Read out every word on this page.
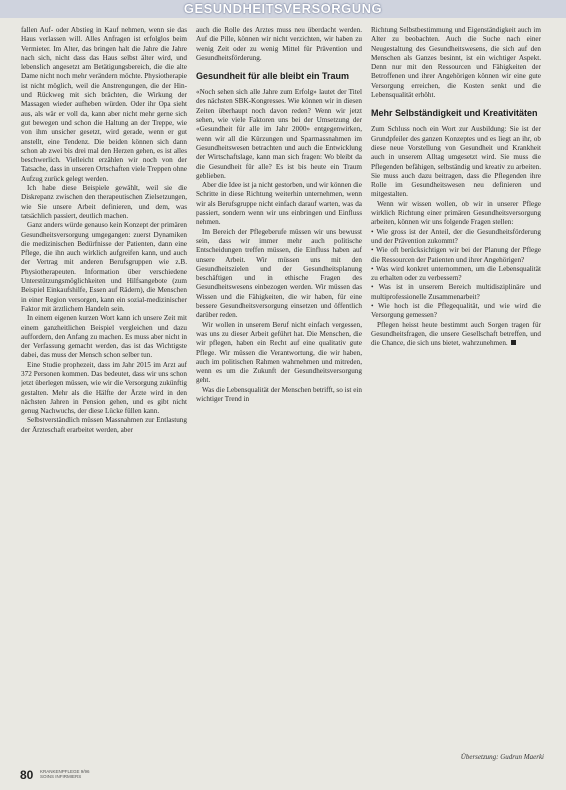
GESUNDHEITSVERSORGUNG

fallen Auf- oder Abstieg in Kauf nehmen, wenn sie das Haus verlassen will. Alles Anfragen ist erfolglos beim Vermieter. Im Alter, das bringen halt die Jahre die Jahre nach sich, nicht dass das Haus selbst älter wird, und lebenslich angesetzt am Betätigungsbereich, die die alte Dame nicht noch mehr verändern möchte. Physiotherapie ist nicht möglich, weil die Anstrengungen, die der Hin- und Rückweg mit sich brächten, die Wirkung der Massagen wieder aufheben würden. Oder ihr Opa sieht aus, als wär er voll da, kann aber nicht mehr gerne sich gut bewegen und schon die Haltung an der Treppe, wie von ihm unsicher gesetzt, wird gerade, wenn er gut anstellt, eine Tendenz. Die beiden können sich dann schon ab zwei bis drei mal den Herzen gehen, es ist alles beschwerlich. Vielleicht erzählen wir noch von der Tatsache, dass in unseren Ortschaften viele Treppen ohne Aufzug zurück gelegt werden.

Ich habe diese Beispiele gewählt, weil sie die Diskrepanz zwischen den therapeutischen Zielsetzungen, wie Sie unsere Arbeit definieren, und dem, was tatsächlich passiert, deutlich machen.

Ganz anders würde genauso kein Konzept der primären Gesundheitsversorgung umgegangen: zuerst Dynamiken die medizinischen Bedürfnisse der Patienten, dann eine Pflege, die ihn auch wirklich aufgreifen kann, und auch der Vertrag mit anderen Berufsgruppen wie z.B. Physiotherapeuten. Information über verschiedene Unterstützungsmöglichkeiten und Hilfsangebote (zum Beispiel Einkaufshilfe, Essen auf Rädern), die Menschen in einer Region versorgen, kann ein sozial-medizinischer Faktor mit ärztlichem Handeln sein.

In einem eigenen kurzen Wort kann ich unsere Zeit mit einem ganzheitlichen Beispiel vergleichen und dazu auffordern, den Anfang zu machen. Es muss aber nicht in der Verfassung gemacht werden, das ist das Wichtigste dabei, das muss der Mensch schon selber tun.

Eine Studie prophezeit, dass im Jahr 2015 im Arzt auf 372 Personen kommen. Das bedeutet, dass wir uns schon jetzt überlegen müssen, wie wir die Versorgung zukünftig gestalten. Mehr als die Hälfte der Ärzte wird in den nächsten Jahren in Pension gehen, und es gibt nicht genug Nachwuchs, der diese Lücke füllen kann.

Selbstverständlich müssen Massnahmen zur Entlastung der Ärzteschaft erarbeitet werden, aber

auch die Rolle des Arztes muss neu überdacht werden. Auf die Pille, können wir nicht verzichten, wir haben zu wenig Zeit oder zu wenig Mittel für Prävention und Gesundheitsförderung.

Gesundheit für alle bleibt ein Traum

«Noch sehen sich alle Jahre zum Erfolg» lautet der Titel des nächsten SBK-Kongresses. Wie können wir in diesen Zeiten überhaupt noch davon reden? Wenn wir jetzt sehen, wie viele Faktoren uns bei der Umsetzung der «Gesundheit für alle im Jahr 2000» entgegenwirken, wenn wir all die Kürzungen und Sparmassnahmen im Gesundheitswesen betrachten und auch die Entwicklung der Wirtschaftslage, kann man sich fragen: Wo bleibt da die Gesundheit für alle? Es ist bis heute ein Traum geblieben.

Aber die Idee ist ja nicht gestorben, und wir können die Schritte in diese Richtung weiterhin unternehmen, wenn wir als Berufsgruppe nicht einfach darauf warten, was da passiert, sondern wenn wir uns einbringen und Einfluss nehmen.

Im Bereich der Pflegeberufe müssen wir uns bewusst sein, dass wir immer mehr auch politische Entscheidungen treffen müssen, die Einfluss haben auf unsere Arbeit. Wir müssen uns mit den Gesundheitszielen und der Gesundheitsplanung beschäftigen und in ethische Fragen des Gesundheitswesens einbezogen werden. Wir müssen das Wissen und die Fähigkeiten, die wir haben, für eine bessere Gesundheitsversorgung einsetzen und öffentlich darüber reden.

Wir wollen in unserem Beruf nicht einfach vergessen, was uns zu dieser Arbeit geführt hat. Die Menschen, die wir pflegen, haben ein Recht auf eine qualitativ gute Pflege. Wir müssen die Verantwortung, die wir haben, auch im politischen Rahmen wahrnehmen und mitreden, wenn es um die Zukunft der Gesundheitsversorgung geht.

Was die Lebensqualität der Menschen betrifft, so ist ein wichtiger Trend in

Richtung Selbstbestimmung und Eigenständigkeit auch im Alter zu beobachten. Auch die Suche nach einer Neugestaltung des Gesundheitswesens, die sich auf den Menschen als Ganzes besinnt, ist ein wichtiger Aspekt. Denn nur mit den Ressourcen und Fähigkeiten der Betroffenen und ihrer Angehörigen können wir eine gute Versorgung erreichen, die Kosten senkt und die Lebensqualität erhöht.

Mehr Selbständigkeit und Kreativitäten

Zum Schluss noch ein Wort zur Ausbildung: Sie ist der Grundpfeiler des ganzen Konzeptes und es liegt an ihr, ob diese neue Vorstellung von Gesundheit und Krankheit auch in unserem Alltag umgesetzt wird. Sie muss die Pflegenden befähigen, selbständig und kreativ zu arbeiten. Sie muss auch dazu beitragen, dass die Pflegenden ihre Rolle im Gesundheitswesen neu definieren und mitgestalten.

Wenn wir wissen wollen, ob wir in unserer Pflege wirklich Richtung einer primären Gesundheitsversorgung arbeiten, können wir uns folgende Fragen stellen:

• Wie gross ist der Anteil, der die Gesundheitsförderung und der Prävention zukommt?

• Wie oft berücksichtigen wir bei der Planung der Pflege die Ressourcen der Patienten und ihrer Angehörigen?

• Was wird konkret unternommen, um die Lebensqualität zu erhalten oder zu verbessern?

• Was ist in unserem Bereich multidisziplinäre und multiprofessionelle Zusammenarbeit?

• Wie hoch ist die Pflegequalität, und wie wird die Versorgung gemessen?

Pflegen heisst heute bestimmt auch Sorgen tragen für Gesundheitsfragen, die unsere Gesellschaft betreffen, und die Chance, die sich uns bietet, wahrzunehmen.

Übersetzung: Gudrun Maerki
80 KRANKENPFLEGE 9/96
SOINS INFIRMIERS
